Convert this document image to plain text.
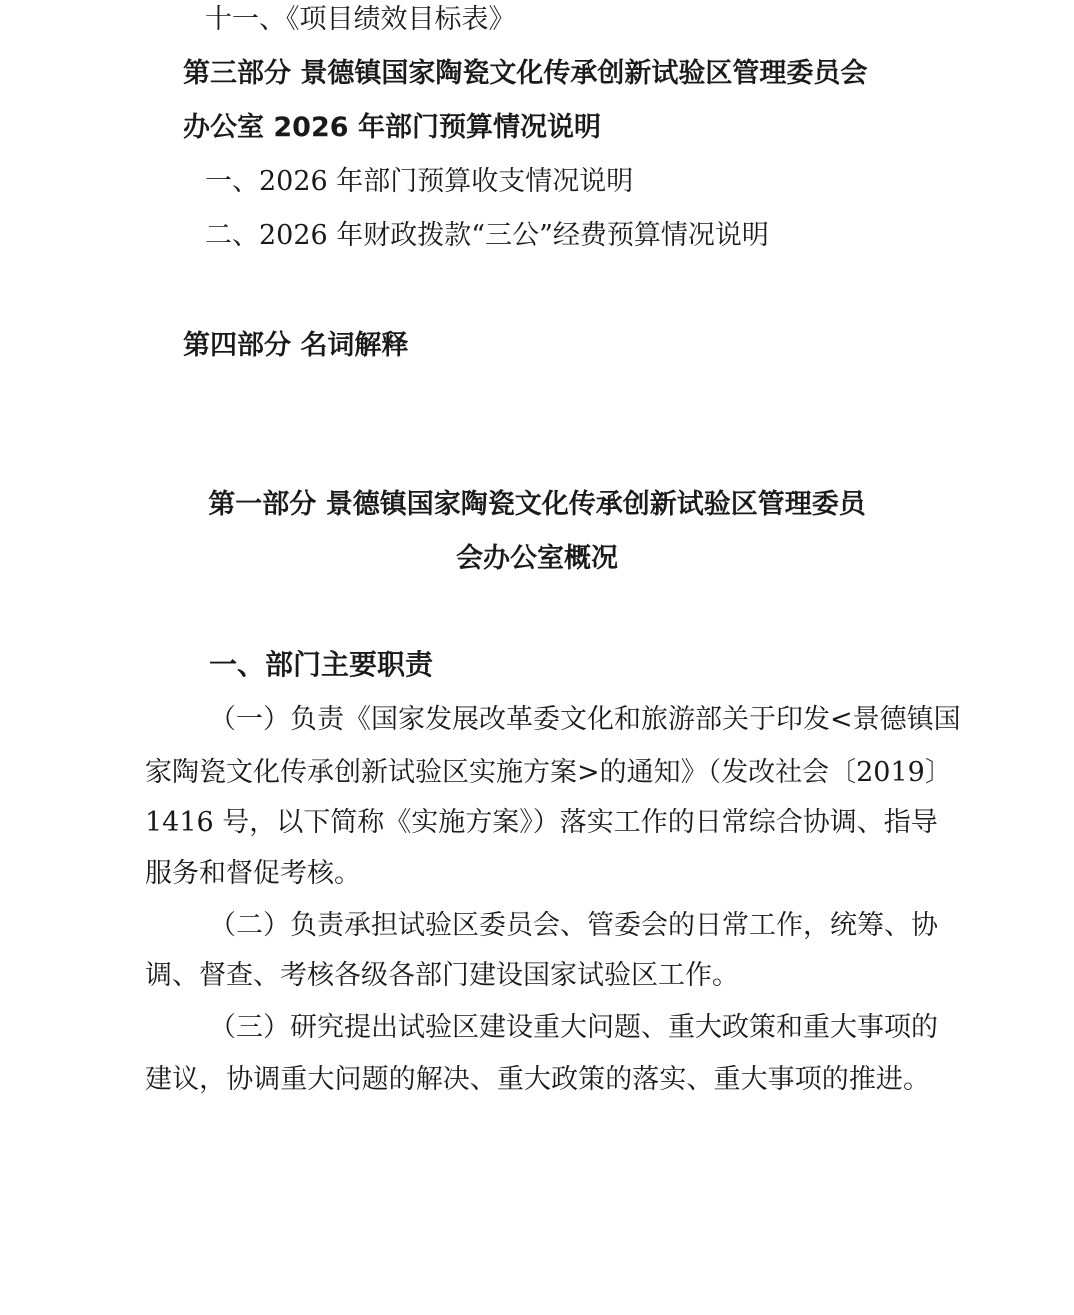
十一、《项目绩效目标表》
第三部分 景德镇国家陶瓷文化传承创新试验区管理委员会
办公室 2026 年部门预算情况说明
一、2026 年部门预算收支情况说明
二、2026 年财政拨款“三公”经费预算情况说明
第四部分 名词解释
第一部分 景德镇国家陶瓷文化传承创新试验区管理委员
会办公室概况
一、部门主要职责
（一）负责《国家发展改革委文化和旅游部关于印发<景德镇国
家陶瓷文化传承创新试验区实施方案>的通知》（发改社会〔2019〕
1416 号，以下简称《实施方案》）落实工作的日常综合协调、指导
服务和督促考核。
（二）负责承担试验区委员会、管委会的日常工作，统筹、协
调、督查、考核各级各部门建设国家试验区工作。
（三）研究提出试验区建设重大问题、重大政策和重大事项的
建议，协调重大问题的解决、重大政策的落实、重大事项的推进。
